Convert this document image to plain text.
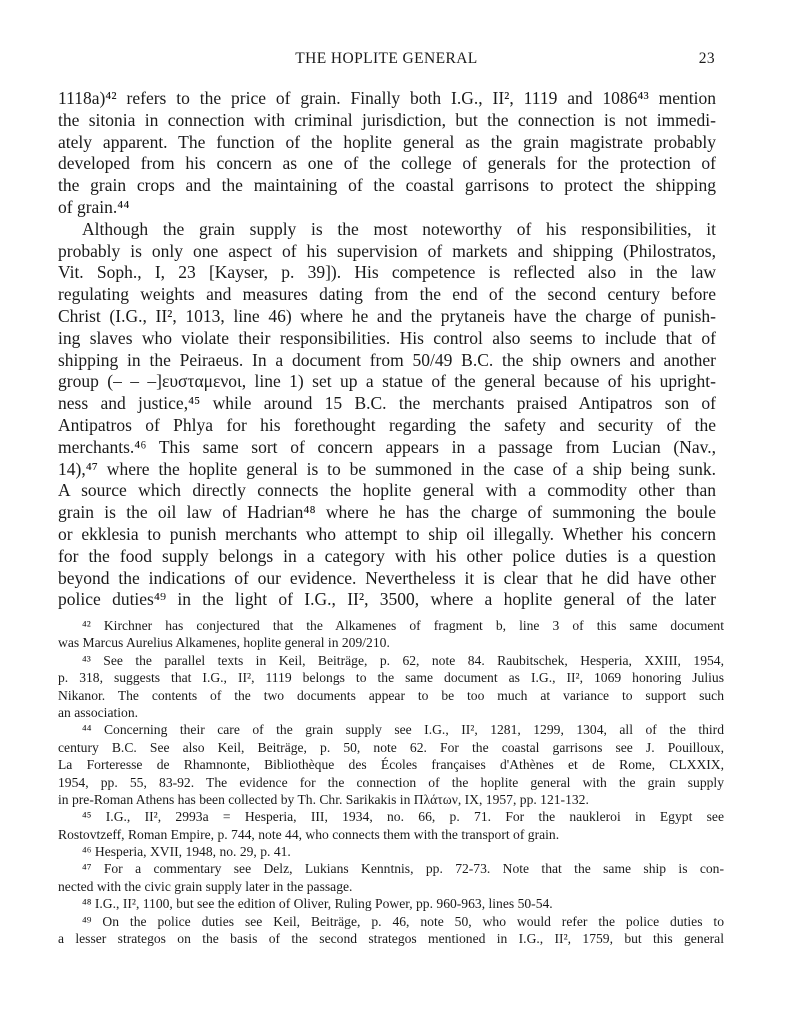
THE HOPLITE GENERAL	23
1118a)⁴² refers to the price of grain. Finally both I.G., II², 1119 and 1086⁴³ mention
the sitonia in connection with criminal jurisdiction, but the connection is not immedi-
ately apparent. The function of the hoplite general as the grain magistrate probably
developed from his concern as one of the college of generals for the protection of
the grain crops and the maintaining of the coastal garrisons to protect the shipping
of grain.⁴⁴
Although the grain supply is the most noteworthy of his responsibilities, it
probably is only one aspect of his supervision of markets and shipping (Philostratos,
Vit. Soph., I, 23 [Kayser, p. 39]). His competence is reflected also in the law
regulating weights and measures dating from the end of the second century before
Christ (I.G., II², 1013, line 46) where he and the prytaneis have the charge of punish-
ing slaves who violate their responsibilities. His control also seems to include that of
shipping in the Peiraeus. In a document from 50/49 B.C. the ship owners and another
group (– – –]ευσταμενοι, line 1) set up a statue of the general because of his upright-
ness and justice,⁴⁵ while around 15 B.C. the merchants praised Antipatros son of
Antipatros of Phlya for his forethought regarding the safety and security of the
merchants.⁴⁶ This same sort of concern appears in a passage from Lucian (Nav.,
14),⁴⁷ where the hoplite general is to be summoned in the case of a ship being sunk.
A source which directly connects the hoplite general with a commodity other than
grain is the oil law of Hadrian⁴⁸ where he has the charge of summoning the boule
or ekklesia to punish merchants who attempt to ship oil illegally. Whether his concern
for the food supply belongs in a category with his other police duties is a question
beyond the indications of our evidence. Nevertheless it is clear that he did have other
police duties⁴⁹ in the light of I.G., II², 3500, where a hoplite general of the later
⁴² Kirchner has conjectured that the Alkamenes of fragment b, line 3 of this same document
was Marcus Aurelius Alkamenes, hoplite general in 209/210.
⁴³ See the parallel texts in Keil, Beiträge, p. 62, note 84. Raubitschek, Hesperia, XXIII, 1954,
p. 318, suggests that I.G., II², 1119 belongs to the same document as I.G., II², 1069 honoring Julius
Nikanor. The contents of the two documents appear to be too much at variance to support such
an association.
⁴⁴ Concerning their care of the grain supply see I.G., II², 1281, 1299, 1304, all of the third
century B.C. See also Keil, Beiträge, p. 50, note 62. For the coastal garrisons see J. Pouilloux,
La Forteresse de Rhamnonte, Bibliothèque des Écoles françaises d'Athènes et de Rome, CLXXIX,
1954, pp. 55, 83-92. The evidence for the connection of the hoplite general with the grain supply
in pre-Roman Athens has been collected by Th. Chr. Sarikakis in Πλάτων, IX, 1957, pp. 121-132.
⁴⁵ I.G., II², 2993a = Hesperia, III, 1934, no. 66, p. 71. For the naukleroi in Egypt see
Rostovtzeff, Roman Empire, p. 744, note 44, who connects them with the transport of grain.
⁴⁶ Hesperia, XVII, 1948, no. 29, p. 41.
⁴⁷ For a commentary see Delz, Lukians Kenntnis, pp. 72-73. Note that the same ship is con-
nected with the civic grain supply later in the passage.
⁴⁸ I.G., II², 1100, but see the edition of Oliver, Ruling Power, pp. 960-963, lines 50-54.
⁴⁹ On the police duties see Keil, Beiträge, p. 46, note 50, who would refer the police duties to
a lesser strategos on the basis of the second strategos mentioned in I.G., II², 1759, but this general
